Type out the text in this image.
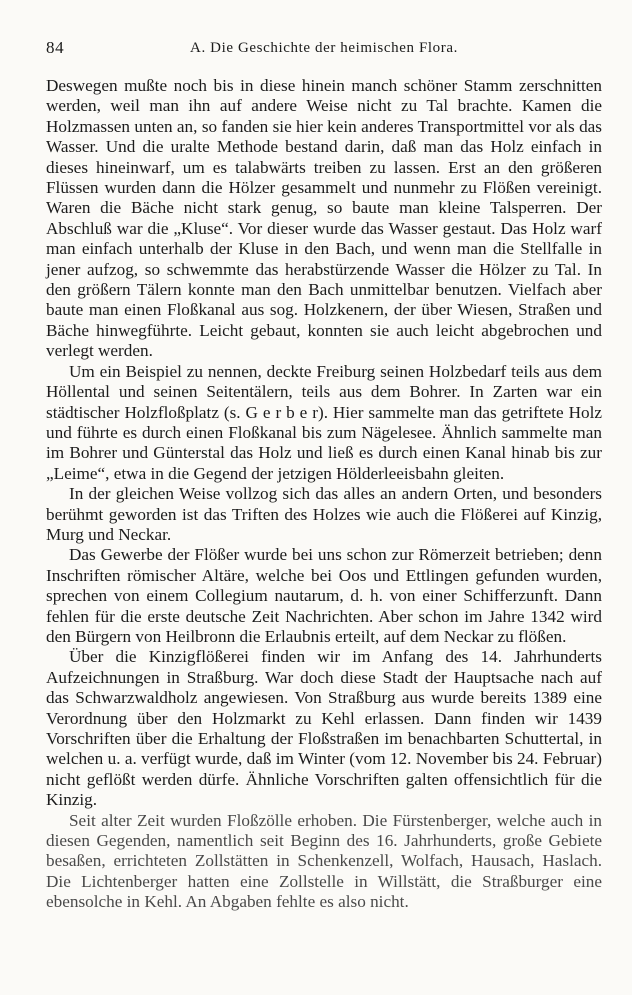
84	A. Die Geschichte der heimischen Flora.

Deswegen mußte noch bis in diese hinein manch schöner Stamm zerschnitten werden, weil man ihn auf andere Weise nicht zu Tal brachte. Kamen die Holzmassen unten an, so fanden sie hier kein anderes Transportmittel vor als das Wasser. Und die uralte Methode bestand darin, daß man das Holz einfach in dieses hineinwarf, um es talabwärts treiben zu lassen. Erst an den größeren Flüssen wurden dann die Hölzer gesammelt und nunmehr zu Flößen vereinigt. Waren die Bäche nicht stark genug, so baute man kleine Talsperren. Der Abschluß war die „Kluse“. Vor dieser wurde das Wasser gestaut. Das Holz warf man einfach unterhalb der Kluse in den Bach, und wenn man die Stellfalle in jener aufzog, so schwemmte das herabstürzende Wasser die Hölzer zu Tal. In den größern Tälern konnte man den Bach unmittelbar benutzen. Vielfach aber baute man einen Floßkanal aus sog. Holzkenern, der über Wiesen, Straßen und Bäche hinwegführte. Leicht gebaut, konnten sie auch leicht abgebrochen und verlegt werden.

Um ein Beispiel zu nennen, deckte Freiburg seinen Holzbedarf teils aus dem Höllental und seinen Seitentälern, teils aus dem Bohrer. In Zarten war ein städtischer Holzfloßplatz (s. G e r b e r). Hier sammelte man das getriftete Holz und führte es durch einen Floßkanal bis zum Nägelesee. Ähnlich sammelte man im Bohrer und Günterstal das Holz und ließ es durch einen Kanal hinab bis zur „Leime“, etwa in die Gegend der jetzigen Hölderleeisbahn gleiten.

In der gleichen Weise vollzog sich das alles an andern Orten, und besonders berühmt geworden ist das Triften des Holzes wie auch die Flößerei auf Kinzig, Murg und Neckar.

Das Gewerbe der Flößer wurde bei uns schon zur Römerzeit betrieben; denn Inschriften römischer Altäre, welche bei Oos und Ettlingen gefunden wurden, sprechen von einem Collegium nautarum, d. h. von einer Schifferzunft. Dann fehlen für die erste deutsche Zeit Nachrichten. Aber schon im Jahre 1342 wird den Bürgern von Heilbronn die Erlaubnis erteilt, auf dem Neckar zu flößen.

Über die Kinzigflößerei finden wir im Anfang des 14. Jahrhunderts Aufzeichnungen in Straßburg. War doch diese Stadt der Hauptsache nach auf das Schwarzwaldholz angewiesen. Von Straßburg aus wurde bereits 1389 eine Verordnung über den Holzmarkt zu Kehl erlassen. Dann finden wir 1439 Vorschriften über die Erhaltung der Floßstraßen im benachbarten Schuttertal, in welchen u. a. verfügt wurde, daß im Winter (vom 12. November bis 24. Februar) nicht geflößt werden dürfe. Ähnliche Vorschriften galten offensichtlich für die Kinzig.

Seit alter Zeit wurden Floßzölle erhoben. Die Fürstenberger, welche auch in diesen Gegenden, namentlich seit Beginn des 16. Jahrhunderts, große Gebiete besaßen, errichteten Zollstätten in Schenkenzell, Wolfach, Hausach, Haslach. Die Lichtenberger hatten eine Zollstelle in Willstätt, die Straßburger eine ebensolche in Kehl. An Abgaben fehlte es also nicht.
